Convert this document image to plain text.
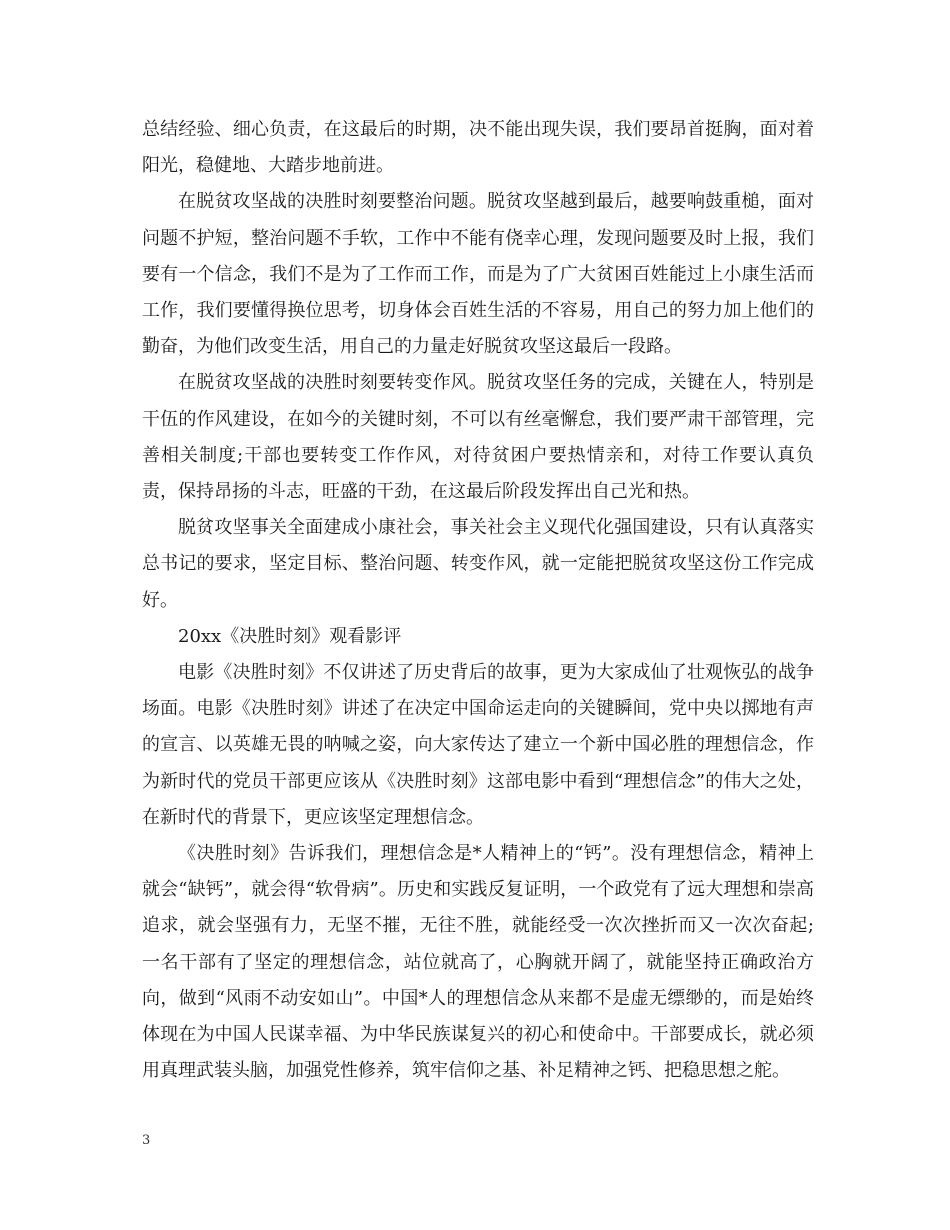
总结经验、细心负责，在这最后的时期，决不能出现失误，我们要昂首挺胸，面对着阳光，稳健地、大踏步地前进。

在脱贫攻坚战的决胜时刻要整治问题。脱贫攻坚越到最后，越要响鼓重槌，面对问题不护短，整治问题不手软，工作中不能有侥幸心理，发现问题要及时上报，我们要有一个信念，我们不是为了工作而工作，而是为了广大贫困百姓能过上小康生活而工作，我们要懂得换位思考，切身体会百姓生活的不容易，用自己的努力加上他们的勤奋，为他们改变生活，用自己的力量走好脱贫攻坚这最后一段路。

在脱贫攻坚战的决胜时刻要转变作风。脱贫攻坚任务的完成，关键在人，特别是干伍的作风建设，在如今的关键时刻，不可以有丝毫懈怠，我们要严肃干部管理，完善相关制度;干部也要转变工作作风，对待贫困户要热情亲和，对待工作要认真负责，保持昂扬的斗志，旺盛的干劲，在这最后阶段发挥出自己光和热。

脱贫攻坚事关全面建成小康社会，事关社会主义现代化强国建设，只有认真落实总书记的要求，坚定目标、整治问题、转变作风，就一定能把脱贫攻坚这份工作完成好。

20xx《决胜时刻》观看影评

电影《决胜时刻》不仅讲述了历史背后的故事，更为大家成仙了壮观恢弘的战争场面。电影《决胜时刻》讲述了在决定中国命运走向的关键瞬间，党中央以掷地有声的宣言、以英雄无畏的呐喊之姿，向大家传达了建立一个新中国必胜的理想信念，作为新时代的党员干部更应该从《决胜时刻》这部电影中看到“理想信念”的伟大之处，在新时代的背景下，更应该坚定理想信念。

《决胜时刻》告诉我们，理想信念是*人精神上的“钙”。没有理想信念，精神上就会“缺钙”，就会得“软骨病”。历史和实践反复证明，一个政党有了远大理想和崇高追求，就会坚强有力，无坚不摧，无往不胜，就能经受一次次挫折而又一次次奋起;一名干部有了坚定的理想信念，站位就高了，心胸就开阔了，就能坚持正确政治方向，做到“风雨不动安如山”。中国*人的理想信念从来都不是虚无缥缈的，而是始终体现在为中国人民谋幸福、为中华民族谋复兴的初心和使命中。干部要成长，就必须用真理武装头脑，加强党性修养，筑牢信仰之基、补足精神之钙、把稳思想之舵。

3
